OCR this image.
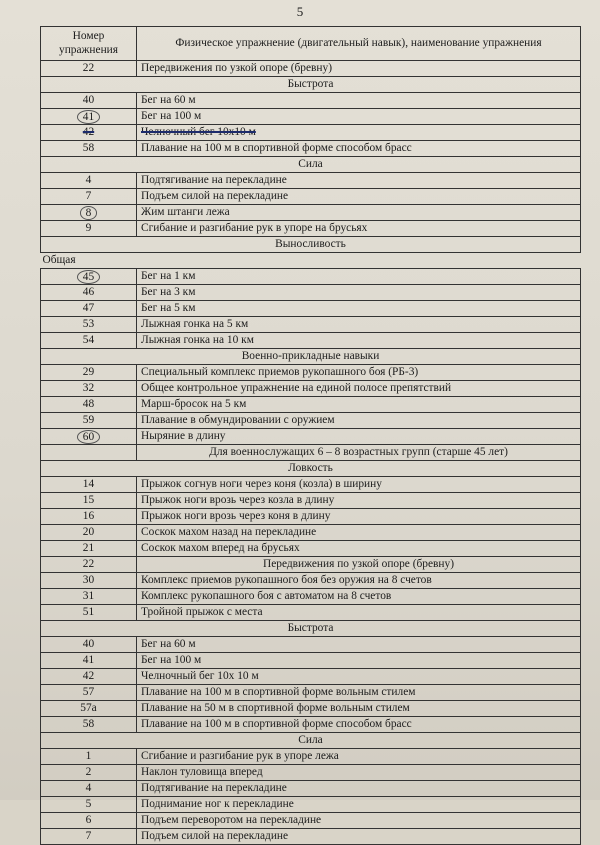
5
Номер упражнения	Физическое упражнение (двигательный навык), наименование упражнения
22	Передвижения по узкой опоре (бревну)
Быстрота	
40	Бег на 60 м
41	Бег на 100 м
42	Челночный бег 10х10 м
58	Плавание на 100 м в спортивной форме способом брасс
Сила	
4	Подтягивание на перекладине
7	Подъем силой на перекладине
8	Жим штанги лежа
9	Сгибание и разгибание рук в упоре на брусьях
Выносливость	
Общая	
45	Бег на 1 км
46	Бег на 3 км
47	Бег на 5 км
53	Лыжная гонка на 5 км
54	Лыжная гонка на 10 км
Военно-прикладные навыки	
29	Специальный комплекс приемов рукопашного боя (РБ-3)
32	Общее контрольное упражнение на единой полосе препятствий
48	Марш-бросок на 5 км
59	Плавание в обмундировании с оружием
60	Ныряние в длину
	Для военнослужащих 6 – 8 возрастных групп (старше 45 лет)
Ловкость	
14	Прыжок согнув ноги через коня (козла) в ширину
15	Прыжок ноги врозь через козла в длину
16	Прыжок ноги врозь через коня в длину
20	Соскок махом назад на перекладине
21	Соскок махом вперед на брусьях
22	Передвижения по узкой опоре (бревну)
30	Комплекс приемов рукопашного боя без оружия на 8 счетов
31	Комплекс рукопашного боя с автоматом на 8 счетов
51	Тройной прыжок с места
Быстрота	
40	Бег на 60 м
41	Бег на 100 м
42	Челночный бег 10х 10 м
57	Плавание на 100 м в спортивной форме вольным стилем
57а	Плавание на 50 м в спортивной форме вольным стилем
58	Плавание на 100 м в спортивной форме способом брасс
Сила	
1	Сгибание и разгибание рук в упоре лежа
2	Наклон туловища вперед
4	Подтягивание на перекладине
5	Поднимание ног к перекладине
6	Подъем переворотом на перекладине
7	Подъем силой на перекладине
